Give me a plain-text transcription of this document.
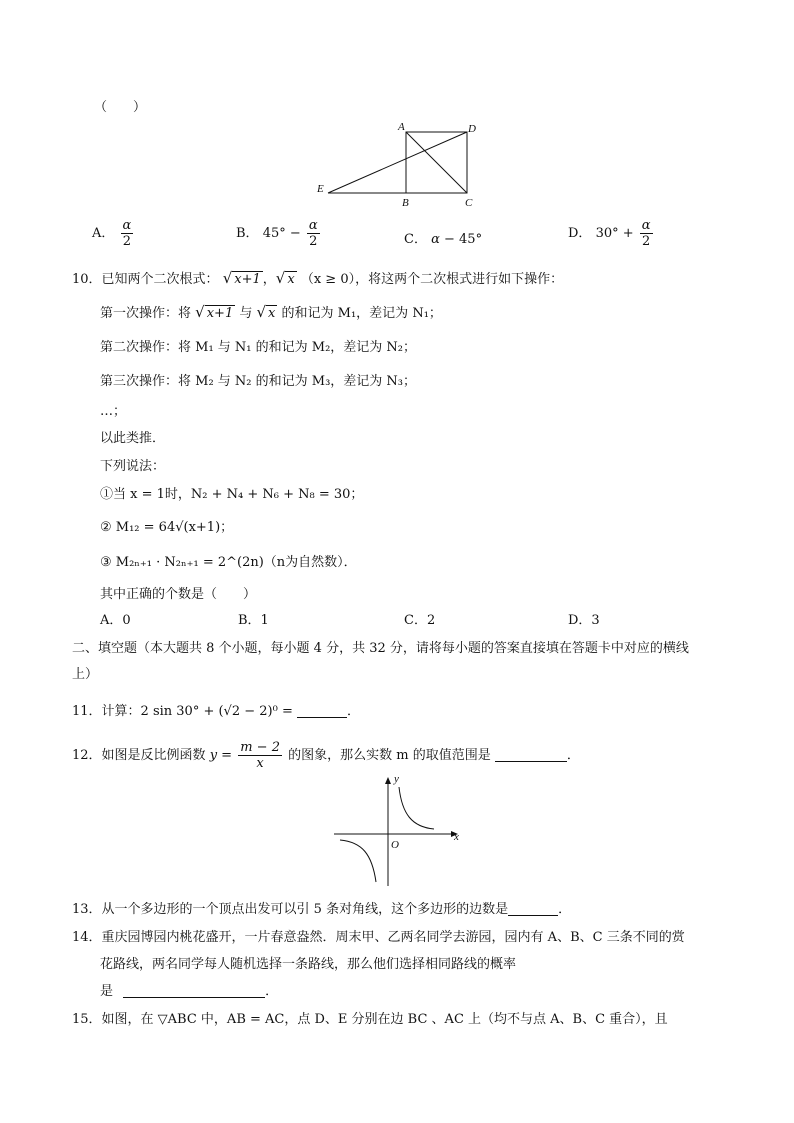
（　　）
A	D
E
B	C
A． $\frac{\alpha}{2}$	B． $45^\circ - \frac{\alpha}{2}$	C． α − 45°	D． $30^\circ + \frac{\alpha}{2}$
10．已知两个二次根式： √ x+1 ，√ x （x ≥ 0），将这两个二次根式进行如下操作：
第一次操作：将 √ x+1 与 √ x 的和记为 M₁，差记为 N₁；
第二次操作：将 M₁ 与 N₁ 的和记为 M₂，差记为 N₂；
第三次操作：将 M₂ 与 N₂ 的和记为 M₃，差记为 N₃；
…；
以此类推．
下列说法：
①当 x = 1时，N₂ + N₄ + N₆ + N₈ = 30；
② M₁₂ = 64√(x+1)；
③ M₂ₙ₊₁ · N₂ₙ₊₁ = 2^(2n)（n为自然数）．
其中正确的个数是（　　）
A．0	B．1	C．2	D．3
二、填空题（本大题共 8 个小题，每小题 4 分，共 32 分，请将每小题的答案直接填在答题卡中对应的横线
上）
11．计算：2 sin 30° + (√2 − 2)⁰ =	．
12．如图是反比例函数 $y = \frac{m - 2}{x}$ 的图象，那么实数 m 的取值范围是	．
y
x
O
13．从一个多边形的一个顶点出发可以引 5 条对角线，这个多边形的边数是	．
14．重庆园博园内桃花盛开，一片春意盎然．周末甲、乙两名同学去游园，园内有 A、B、C 三条不同的赏
花路线，两名同学每人随机选择一条路线，那么他们选择相同路线的概率
是	．
15．如图，在 ▽ABC 中，AB = AC，点 D、E 分别在边 BC 、AC 上（均不与点 A、B、C 重合），且
